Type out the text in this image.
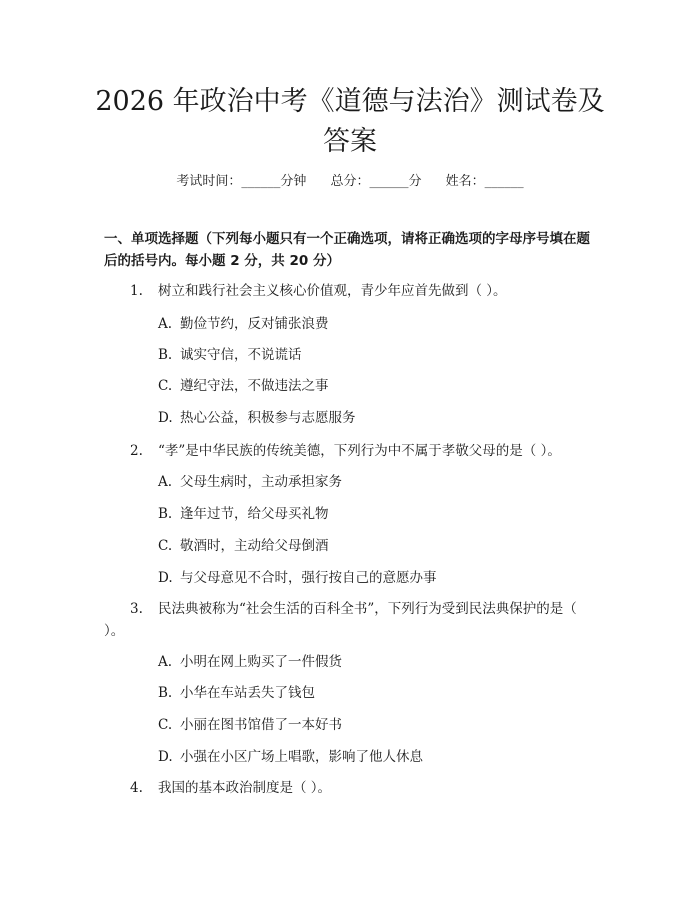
2026 年政治中考《道德与法治》测试卷及答案
考试时间：______分钟 总分：______分 姓名：______

一、单项选择题（下列每小题只有一个正确选项，请将正确选项的字母序号填在题后的括号内。每小题 2 分，共 20 分）

1. 树立和践行社会主义核心价值观，青少年应首先做到（ ）。

A. 勤俭节约，反对铺张浪费

B. 诚实守信，不说谎话

C. 遵纪守法，不做违法之事

D. 热心公益，积极参与志愿服务

2. “孝”是中华民族的传统美德，下列行为中不属于孝敬父母的是（ ）。

A. 父母生病时，主动承担家务

B. 逢年过节，给父母买礼物

C. 敬酒时，主动给父母倒酒

D. 与父母意见不合时，强行按自己的意愿办事

3. 民法典被称为“社会生活的百科全书”，下列行为受到民法典保护的是（ ）。

A. 小明在网上购买了一件假货

B. 小华在车站丢失了钱包

C. 小丽在图书馆借了一本好书

D. 小强在小区广场上唱歌，影响了他人休息

4. 我国的基本政治制度是（ ）。
